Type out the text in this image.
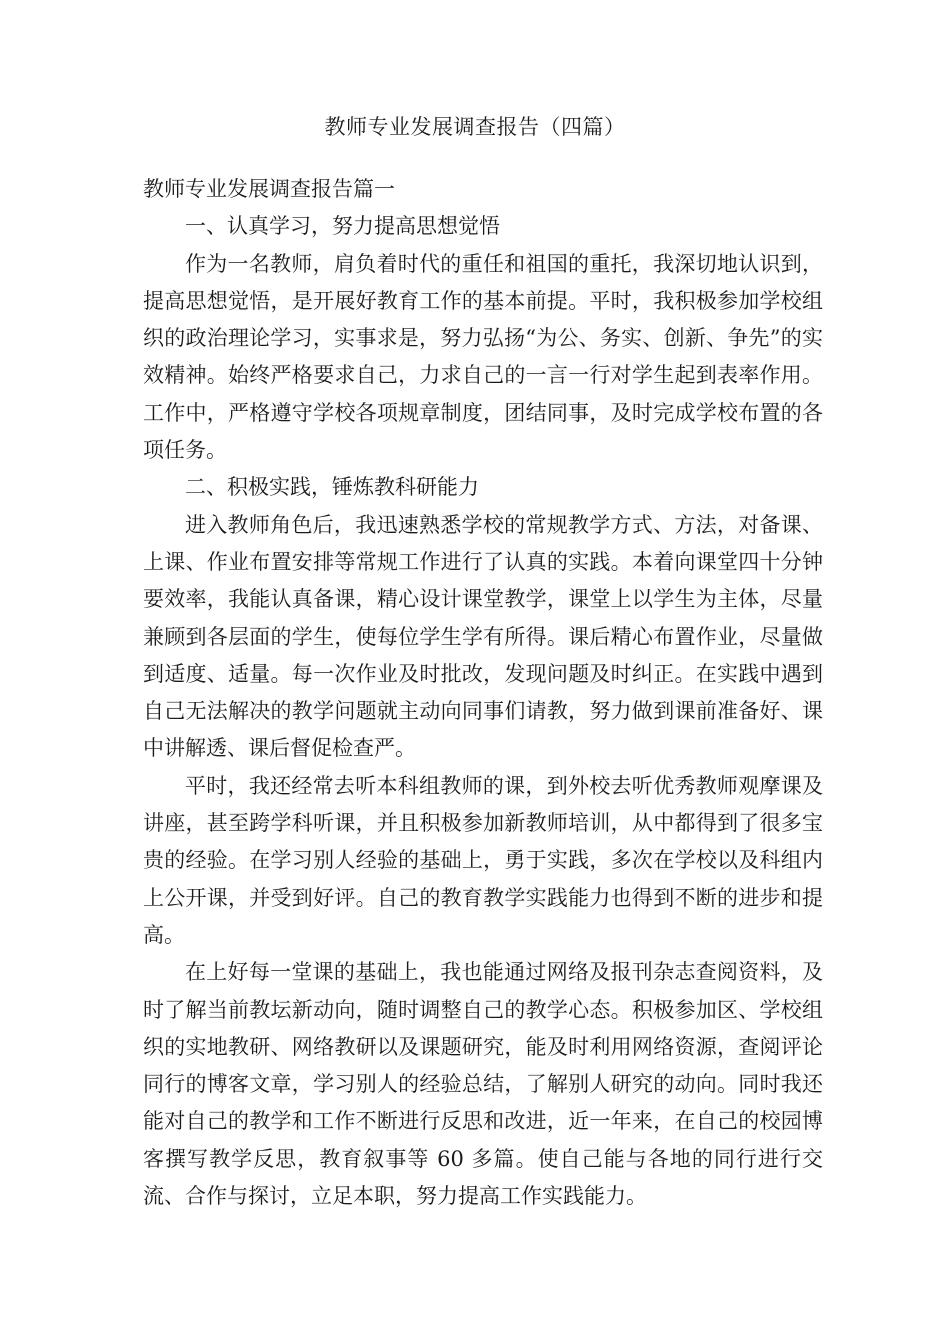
教师专业发展调查报告（四篇）

教师专业发展调查报告篇一

一、认真学习，努力提高思想觉悟

作为一名教师，肩负着时代的重任和祖国的重托，我深切地认识到，提高思想觉悟，是开展好教育工作的基本前提。平时，我积极参加学校组织的政治理论学习，实事求是，努力弘扬“为公、务实、创新、争先”的实效精神。始终严格要求自己，力求自己的一言一行对学生起到表率作用。工作中，严格遵守学校各项规章制度，团结同事，及时完成学校布置的各项任务。

二、积极实践，锤炼教科研能力

进入教师角色后，我迅速熟悉学校的常规教学方式、方法，对备课、上课、作业布置安排等常规工作进行了认真的实践。本着向课堂四十分钟要效率，我能认真备课，精心设计课堂教学，课堂上以学生为主体，尽量兼顾到各层面的学生，使每位学生学有所得。课后精心布置作业，尽量做到适度、适量。每一次作业及时批改，发现问题及时纠正。在实践中遇到自己无法解决的教学问题就主动向同事们请教，努力做到课前准备好、课中讲解透、课后督促检查严。

平时，我还经常去听本科组教师的课，到外校去听优秀教师观摩课及讲座，甚至跨学科听课，并且积极参加新教师培训，从中都得到了很多宝贵的经验。在学习别人经验的基础上，勇于实践，多次在学校以及科组内上公开课，并受到好评。自己的教育教学实践能力也得到不断的进步和提高。

在上好每一堂课的基础上，我也能通过网络及报刊杂志查阅资料，及时了解当前教坛新动向，随时调整自己的教学心态。积极参加区、学校组织的实地教研、网络教研以及课题研究，能及时利用网络资源，查阅评论同行的博客文章，学习别人的经验总结，了解别人研究的动向。同时我还能对自己的教学和工作不断进行反思和改进，近一年来，在自己的校园博客撰写教学反思，教育叙事等 60 多篇。使自己能与各地的同行进行交流、合作与探讨，立足本职，努力提高工作实践能力。
